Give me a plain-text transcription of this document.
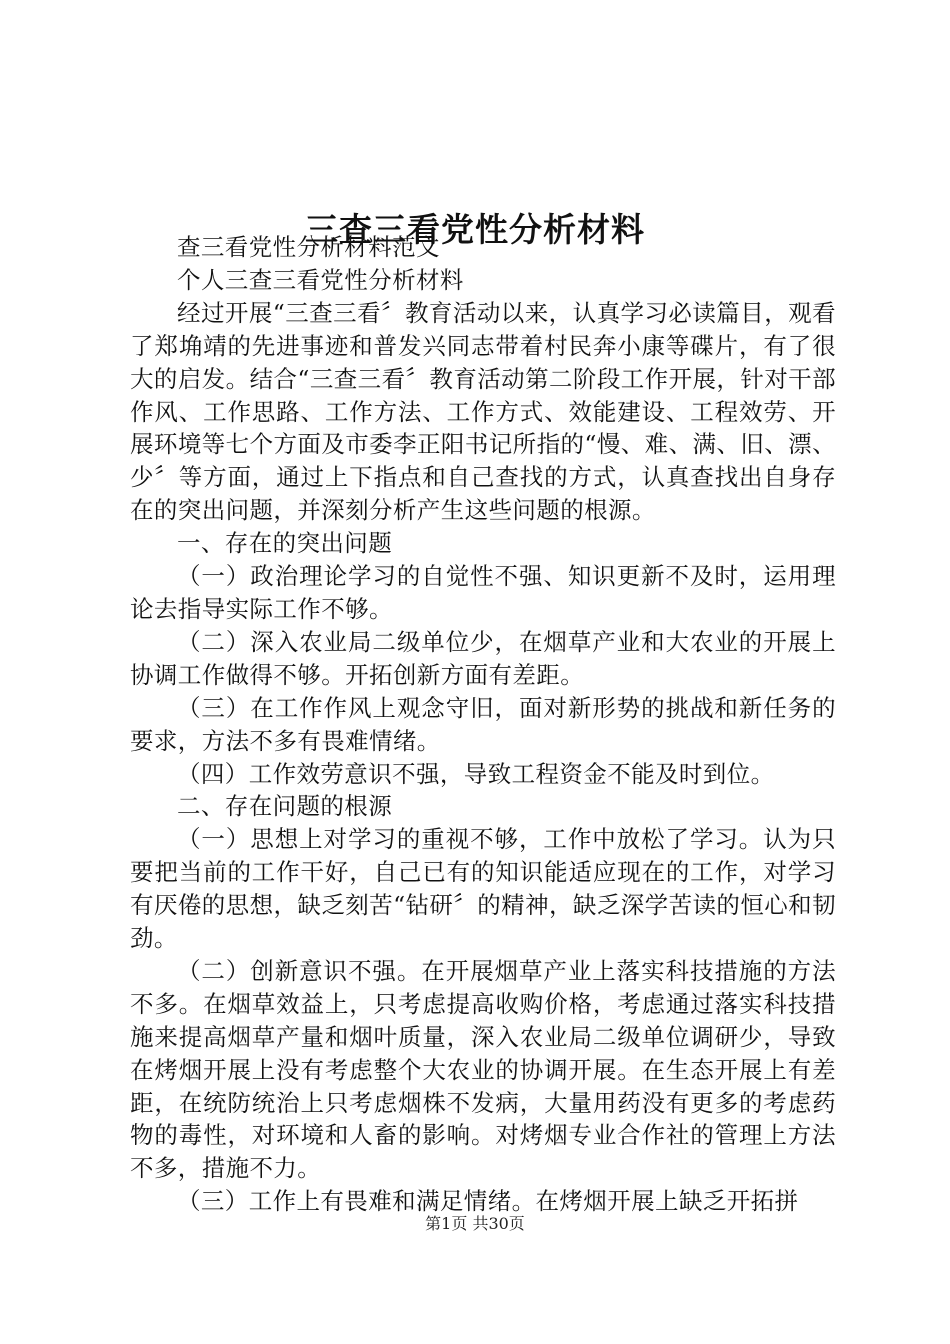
三查三看党性分析材料

查三看党性分析材料范文

个人三查三看党性分析材料

经过开展“三查三看〞教育活动以来，认真学习必读篇目，观看了郑埆靖的先进事迹和普发兴同志带着村民奔小康等碟片，有了很大的启发。结合“三查三看〞教育活动第二阶段工作开展，针对干部作风、工作思路、工作方法、工作方式、效能建设、工程效劳、开展环境等七个方面及市委李正阳书记所指的“慢、难、满、旧、漂、少〞等方面，通过上下指点和自己查找的方式，认真查找出自身存在的突出问题，并深刻分析产生这些问题的根源。

一、存在的突出问题

（一）政治理论学习的自觉性不强、知识更新不及时，运用理论去指导实际工作不够。

（二）深入农业局二级单位少，在烟草产业和大农业的开展上协调工作做得不够。开拓创新方面有差距。

（三）在工作作风上观念守旧，面对新形势的挑战和新任务的要求，方法不多有畏难情绪。

（四）工作效劳意识不强，导致工程资金不能及时到位。

二、存在问题的根源

（一）思想上对学习的重视不够，工作中放松了学习。认为只要把当前的工作干好，自己已有的知识能适应现在的工作，对学习有厌倦的思想，缺乏刻苦“钻研〞的精神，缺乏深学苦读的恒心和韧劲。

（二）创新意识不强。在开展烟草产业上落实科技措施的方法不多。在烟草效益上，只考虑提高收购价格，考虑通过落实科技措施来提高烟草产量和烟叶质量，深入农业局二级单位调研少，导致在烤烟开展上没有考虑整个大农业的协调开展。在生态开展上有差距，在统防统治上只考虑烟株不发病，大量用药没有更多的考虑药物的毒性，对环境和人畜的影响。对烤烟专业合作社的管理上方法不多，措施不力。

（三）工作上有畏难和满足情绪。在烤烟开展上缺乏开拓拼

第1页 共30页
